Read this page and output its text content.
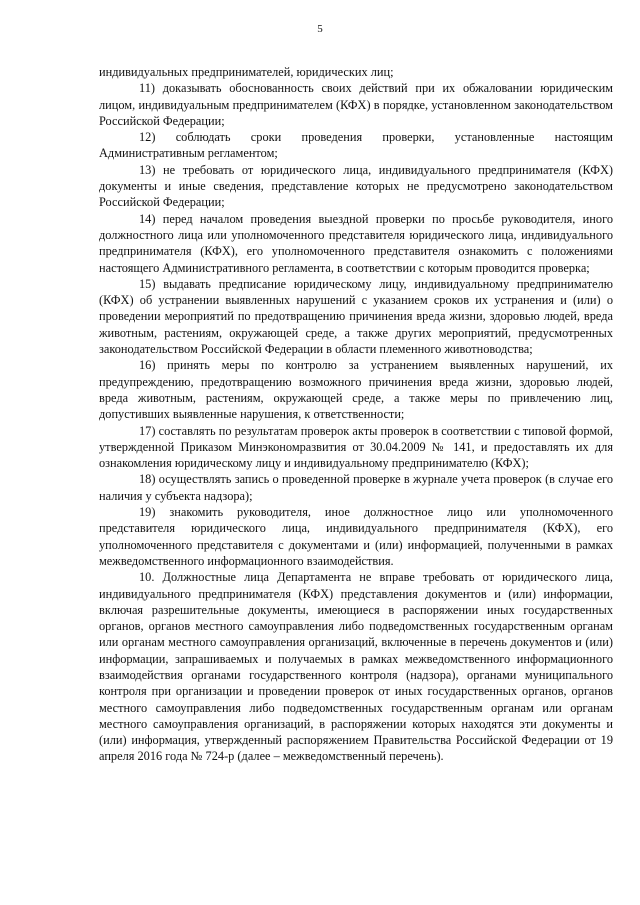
5

индивидуальных предпринимателей, юридических лиц;

11) доказывать обоснованность своих действий при их обжаловании юридическим лицом, индивидуальным предпринимателем (КФХ) в порядке, установленном законодательством Российской Федерации;

12) соблюдать сроки проведения проверки, установленные настоящим Административным регламентом;

13) не требовать от юридического лица, индивидуального предпринимателя (КФХ) документы и иные сведения, представление которых не предусмотрено законодательством Российской Федерации;

14) перед началом проведения выездной проверки по просьбе руководителя, иного должностного лица или уполномоченного представителя юридического лица, индивидуального предпринимателя (КФХ), его уполномоченного представителя ознакомить с положениями настоящего Административного регламента, в соответствии с которым проводится проверка;

15) выдавать предписание юридическому лицу, индивидуальному предпринимателю (КФХ) об устранении выявленных нарушений с указанием сроков их устранения и (или) о проведении мероприятий по предотвращению причинения вреда жизни, здоровью людей, вреда животным, растениям, окружающей среде, а также других мероприятий, предусмотренных законодательством Российской Федерации в области племенного животноводства;

16) принять меры по контролю за устранением выявленных нарушений, их предупреждению, предотвращению возможного причинения вреда жизни, здоровью людей, вреда животным, растениям, окружающей среде, а также меры по привлечению лиц, допустивших выявленные нарушения, к ответственности;

17) составлять по результатам проверок акты проверок в соответствии с типовой формой, утвержденной Приказом Минэкономразвития от 30.04.2009 № 141, и предоставлять их для ознакомления юридическому лицу и индивидуальному предпринимателю (КФХ);

18) осуществлять запись о проведенной проверке в журнале учета проверок (в случае его наличия у субъекта надзора);

19) знакомить руководителя, иное должностное лицо или уполномоченного представителя юридического лица, индивидуального предпринимателя (КФХ), его уполномоченного представителя с документами и (или) информацией, полученными в рамках межведомственного информационного взаимодействия.

10. Должностные лица Департамента не вправе требовать от юридического лица, индивидуального предпринимателя (КФХ) представления документов и (или) информации, включая разрешительные документы, имеющиеся в распоряжении иных государственных органов, органов местного самоуправления либо подведомственных государственным органам или органам местного самоуправления организаций, включенные в перечень документов и (или) информации, запрашиваемых и получаемых в рамках межведомственного информационного взаимодействия органами государственного контроля (надзора), органами муниципального контроля при организации и проведении проверок от иных государственных органов, органов местного самоуправления либо подведомственных государственным органам или органам местного самоуправления организаций, в распоряжении которых находятся эти документы и (или) информация, утвержденный распоряжением Правительства Российской Федерации от 19 апреля 2016 года № 724-р (далее – межведомственный перечень).
